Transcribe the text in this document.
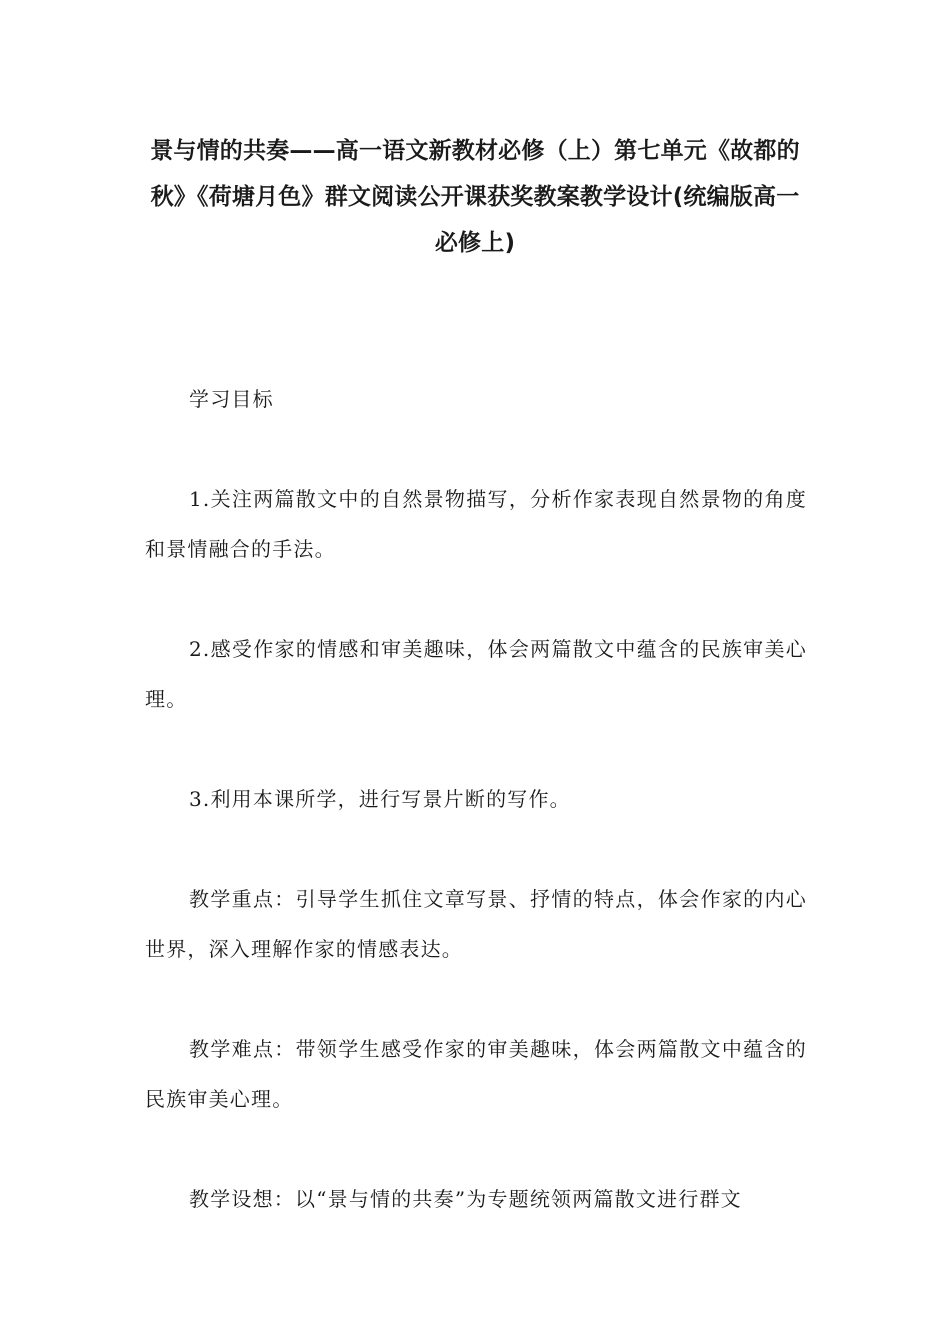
景与情的共奏——高一语文新教材必修（上）第七单元《故都的秋》《荷塘月色》群文阅读公开课获奖教案教学设计(统编版高一必修上)

学习目标

1.关注两篇散文中的自然景物描写，分析作家表现自然景物的角度和景情融合的手法。

2.感受作家的情感和审美趣味，体会两篇散文中蕴含的民族审美心理。

3.利用本课所学，进行写景片断的写作。

教学重点：引导学生抓住文章写景、抒情的特点，体会作家的内心世界，深入理解作家的情感表达。

教学难点：带领学生感受作家的审美趣味，体会两篇散文中蕴含的民族审美心理。

教学设想：以“景与情的共奏”为专题统领两篇散文进行群文
